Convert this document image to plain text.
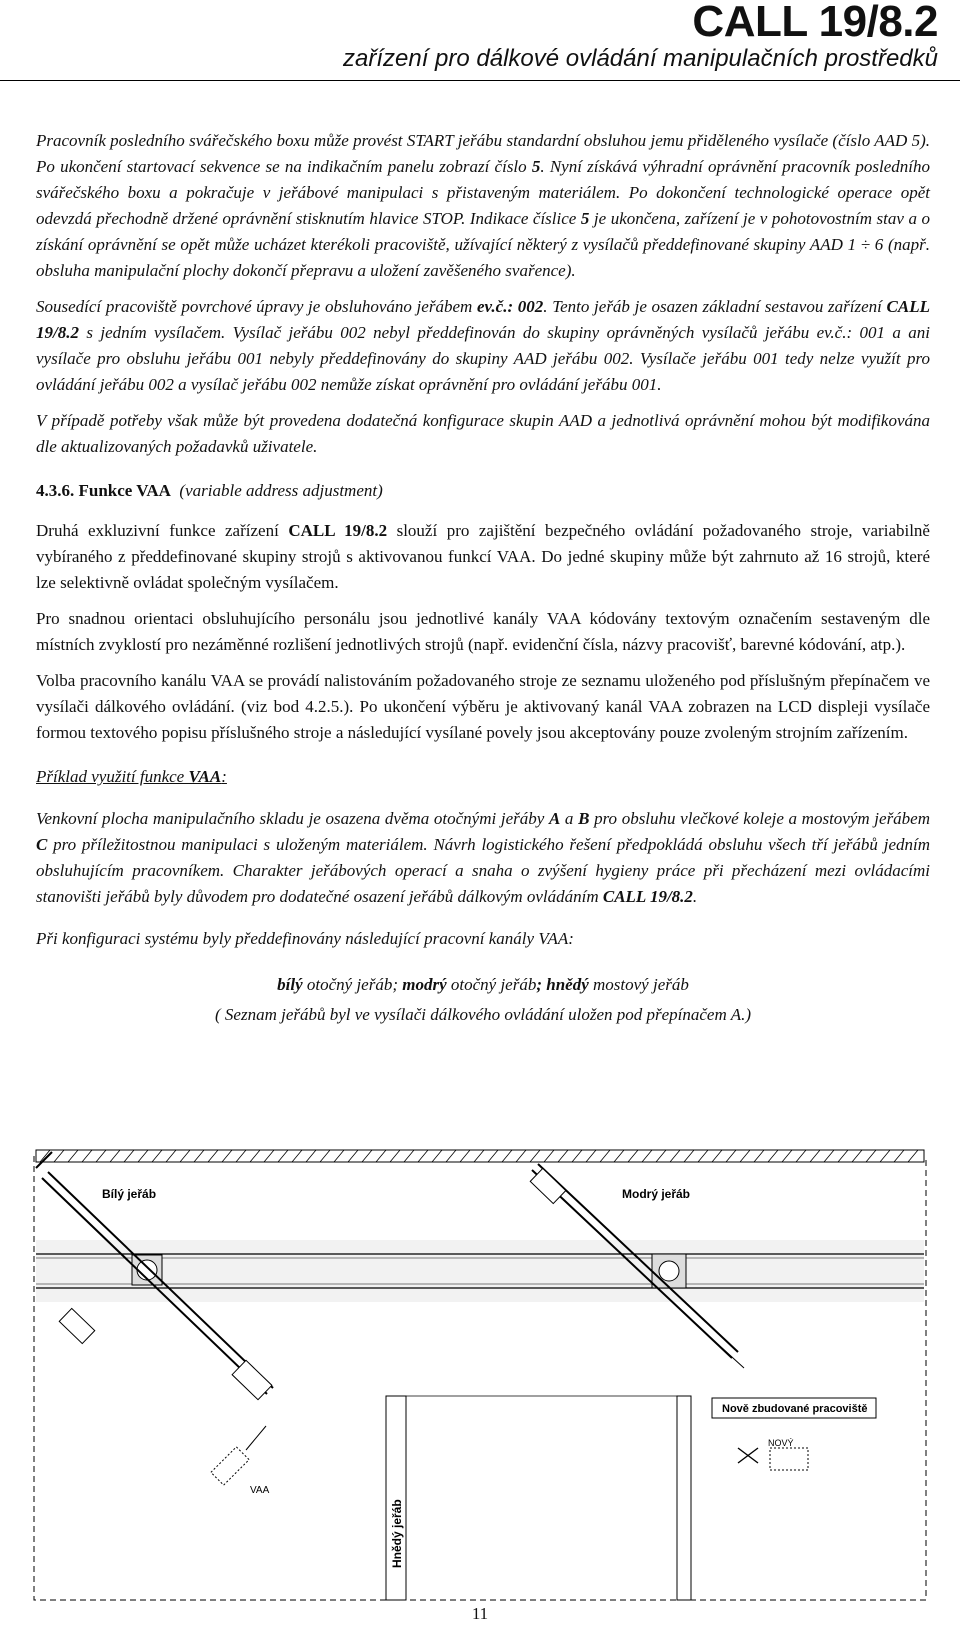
CALL 19/8.2
zařízení pro dálkové ovládání manipulačních prostředků

Pracovník posledního svářečského boxu může provést START jeřábu standardní obsluhou jemu přiděleného vysílače (číslo AAD 5). Po ukončení startovací sekvence se na indikačním panelu zobrazí číslo 5. Nyní získává výhradní oprávnění pracovník posledního svářečského boxu a pokračuje v jeřábové manipulaci s přistaveným materiálem. Po dokončení technologické operace opět odevzdá přechodně držené oprávnění stisknutím hlavice STOP. Indikace číslice 5 je ukončena, zařízení je v pohotovostním stav a o získání oprávnění se opět může ucházet kterékoli pracoviště, užívající některý z vysílačů předdefinované skupiny AAD 1 ÷ 6 (např. obsluha manipulační plochy dokončí přepravu a uložení zavěšeného svařence).

Sousedící pracoviště povrchové úpravy je obsluhováno jeřábem ev.č.: 002. Tento jeřáb je osazen základní sestavou zařízení CALL 19/8.2 s jedním vysílačem. Vysílač jeřábu 002 nebyl předdefinován do skupiny oprávněných vysílačů jeřábu ev.č.: 001 a ani vysílače pro obsluhu jeřábu 001 nebyly předdefinovány do skupiny AAD jeřábu 002. Vysílače jeřábu 001 tedy nelze využít pro ovládání jeřábu 002 a vysílač jeřábu 002 nemůže získat oprávnění pro ovládání jeřábu 001.

V případě potřeby však může být provedena dodatečná konfigurace skupin AAD a jednotlivá oprávnění mohou být modifikována dle aktualizovaných požadavků uživatele.

4.3.6. Funkce VAA (variable address adjustment)

Druhá exkluzivní funkce zařízení CALL 19/8.2 slouží pro zajištění bezpečného ovládání požadovaného stroje, variabilně vybíraného z předdefinované skupiny strojů s aktivovanou funkcí VAA. Do jedné skupiny může být zahrnuto až 16 strojů, které lze selektivně ovládat společným vysílačem.

Pro snadnou orientaci obsluhujícího personálu jsou jednotlivé kanály VAA kódovány textovým označením sestaveným dle místních zvyklostí pro nezáměnné rozlišení jednotlivých strojů (např. evidenční čísla, názvy pracovišť, barevné kódování, atp.).

Volba pracovního kanálu VAA se provádí nalistováním požadovaného stroje ze seznamu uloženého pod příslušným přepínačem ve vysílači dálkového ovládání. (viz bod 4.2.5.). Po ukončení výběru je aktivovaný kanál VAA zobrazen na LCD displeji vysílače formou textového popisu příslušného stroje a následující vysílané povely jsou akceptovány pouze zvoleným strojním zařízením.

Příklad využití funkce VAA:

Venkovní plocha manipulačního skladu je osazena dvěma otočnými jeřáby A a B pro obsluhu vlečkové koleje a mostovým jeřábem C pro příležitostnou manipulaci s uloženým materiálem. Návrh logistického řešení předpokládá obsluhu všech tří jeřábů jedním obsluhujícím pracovníkem. Charakter jeřábových operací a snaha o zvýšení hygieny práce při přecházení mezi ovládacími stanovišti jeřábů byly důvodem pro dodatečné osazení jeřábů dálkovým ovládáním CALL 19/8.2.

Při konfiguraci systému byly předdefinovány následující pracovní kanály VAA:

bílý otočný jeřáb; modrý otočný jeřáb; hnědý mostový jeřáb

( Seznam jeřábů byl ve vysílači dálkového ovládání uložen pod přepínačem A.)

Bílý jeřáb	Modrý jeřáb
Hnědý jeřáb
Nově zbudované pracoviště
NOVÝ
VAA
11
